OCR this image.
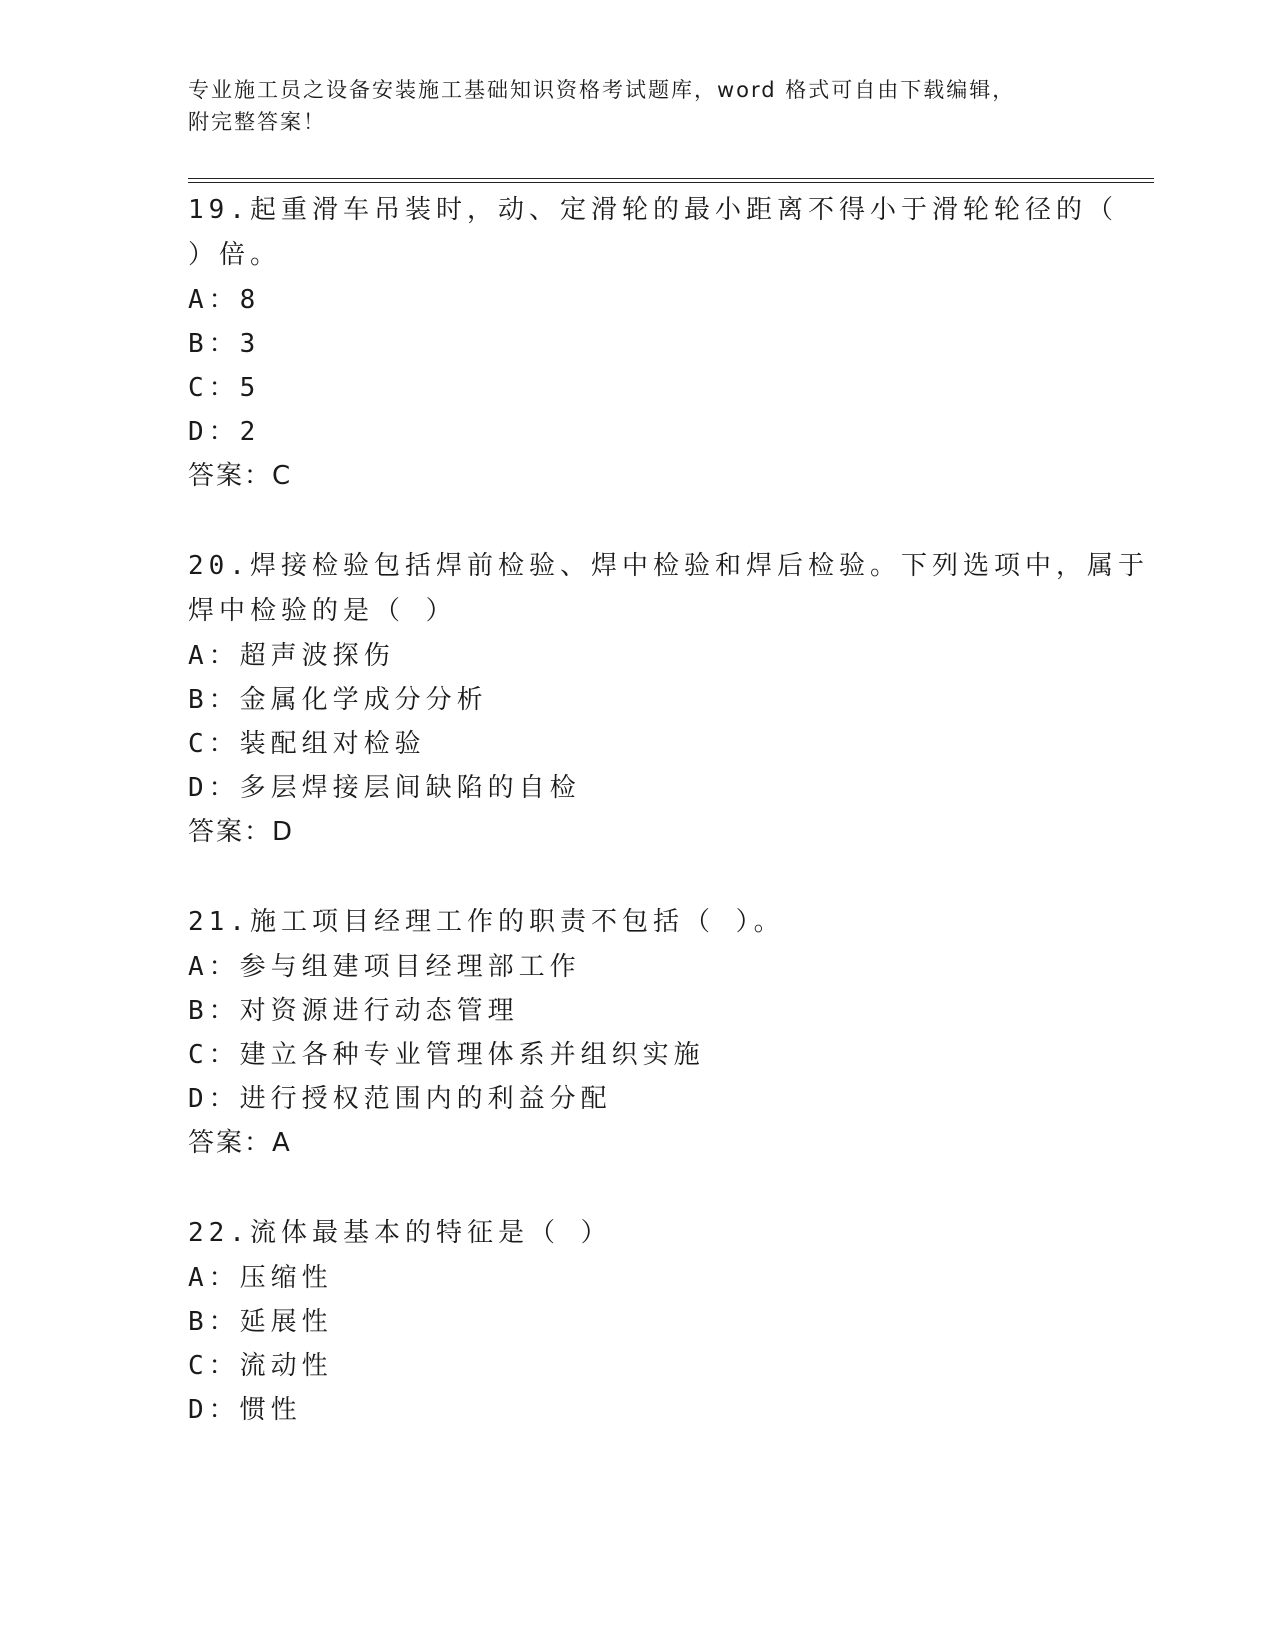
专业施工员之设备安装施工基础知识资格考试题库，word 格式可自由下载编辑，
附完整答案！
19.起重滑车吊装时，动、定滑轮的最小距离不得小于滑轮轮径的（
）倍。
A：8
B：3
C：5
D：2
答案：C
20.焊接检验包括焊前检验、焊中检验和焊后检验。下列选项中，属于
焊中检验的是（ ）
A：超声波探伤
B：金属化学成分分析
C：装配组对检验
D：多层焊接层间缺陷的自检
答案：D
21.施工项目经理工作的职责不包括（ ）。
A：参与组建项目经理部工作
B：对资源进行动态管理
C：建立各种专业管理体系并组织实施
D：进行授权范围内的利益分配
答案：A
22.流体最基本的特征是（ ）
A：压缩性
B：延展性
C：流动性
D：惯性
